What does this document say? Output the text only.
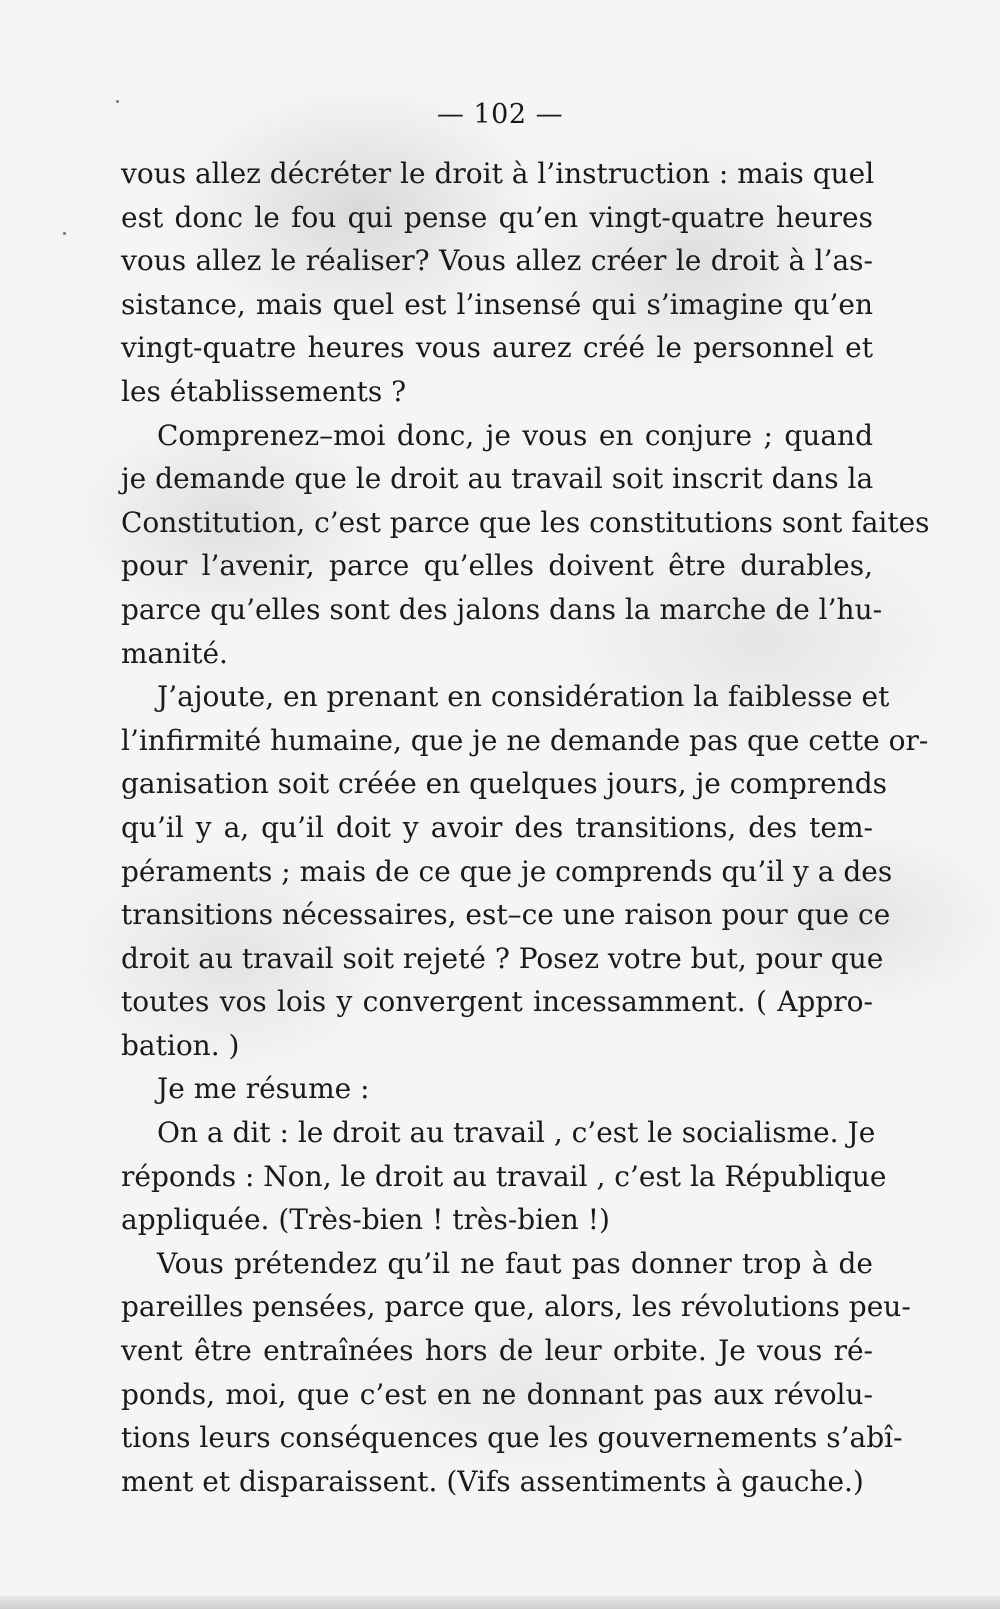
— 102 —
vous allez décréter le droit à l’instruction : mais quel
est donc le fou qui pense qu’en vingt-quatre heures
vous allez le réaliser? Vous allez créer le droit à l’as-
sistance, mais quel est l’insensé qui s’imagine qu’en
vingt-quatre heures vous aurez créé le personnel et
les établissements ?
Comprenez–moi donc, je vous en conjure ; quand
je demande que le droit au travail soit inscrit dans la
Constitution, c’est parce que les constitutions sont faites
pour l’avenir, parce qu’elles doivent être durables,
parce qu’elles sont des jalons dans la marche de l’hu-
manité.
J’ajoute, en prenant en considération la faiblesse et
l’infirmité humaine, que je ne demande pas que cette or-
ganisation soit créée en quelques jours, je comprends
qu’il y a, qu’il doit y avoir des transitions, des tem-
péraments ; mais de ce que je comprends qu’il y a des
transitions nécessaires, est–ce une raison pour que ce
droit au travail soit rejeté ? Posez votre but, pour que
toutes vos lois y convergent incessamment. ( Appro-
bation. )
Je me résume :
On a dit : le droit au travail , c’est le socialisme. Je
réponds : Non, le droit au travail , c’est la République
appliquée. (Très-bien ! très-bien !)
Vous prétendez qu’il ne faut pas donner trop à de
pareilles pensées, parce que, alors, les révolutions peu-
vent être entraînées hors de leur orbite. Je vous ré-
ponds, moi, que c’est en ne donnant pas aux révolu-
tions leurs conséquences que les gouvernements s’abî-
ment et disparaissent. (Vifs assentiments à gauche.)
